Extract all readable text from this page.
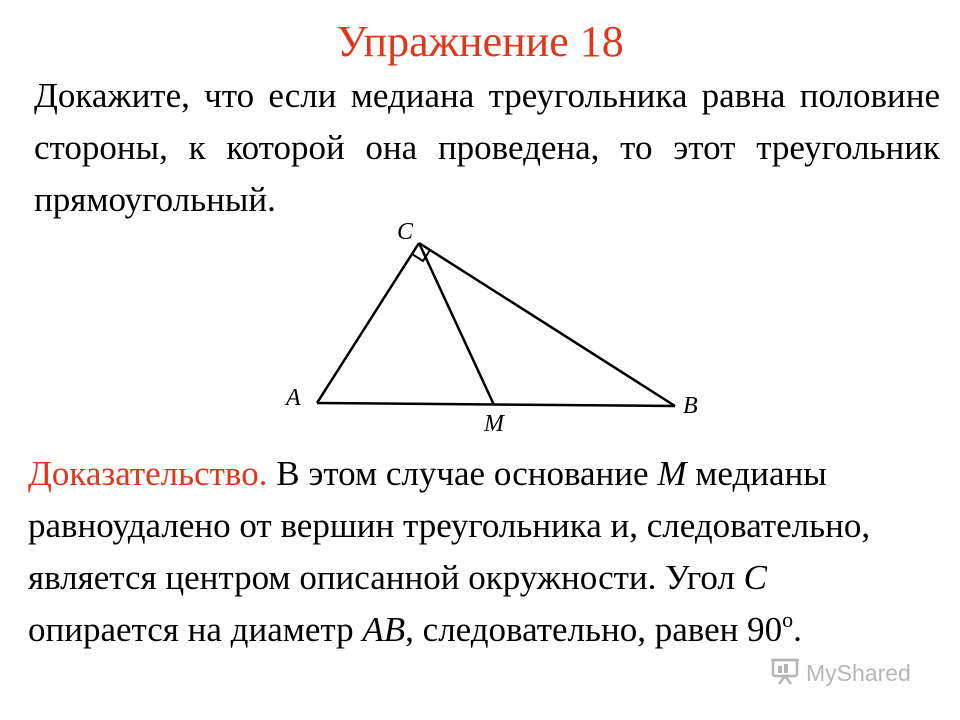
Упражнение 18
Докажите, что если медиана треугольника равна половине стороны, к которой она проведена, то этот треугольник прямоугольный.
C
A
M
B
Доказательство. В этом случае основание M медианы равноудалено от вершин треугольника и, следовательно, является центром описанной окружности. Угол C опирается на диаметр AB, следовательно, равен 90$^o$.
MyShared
